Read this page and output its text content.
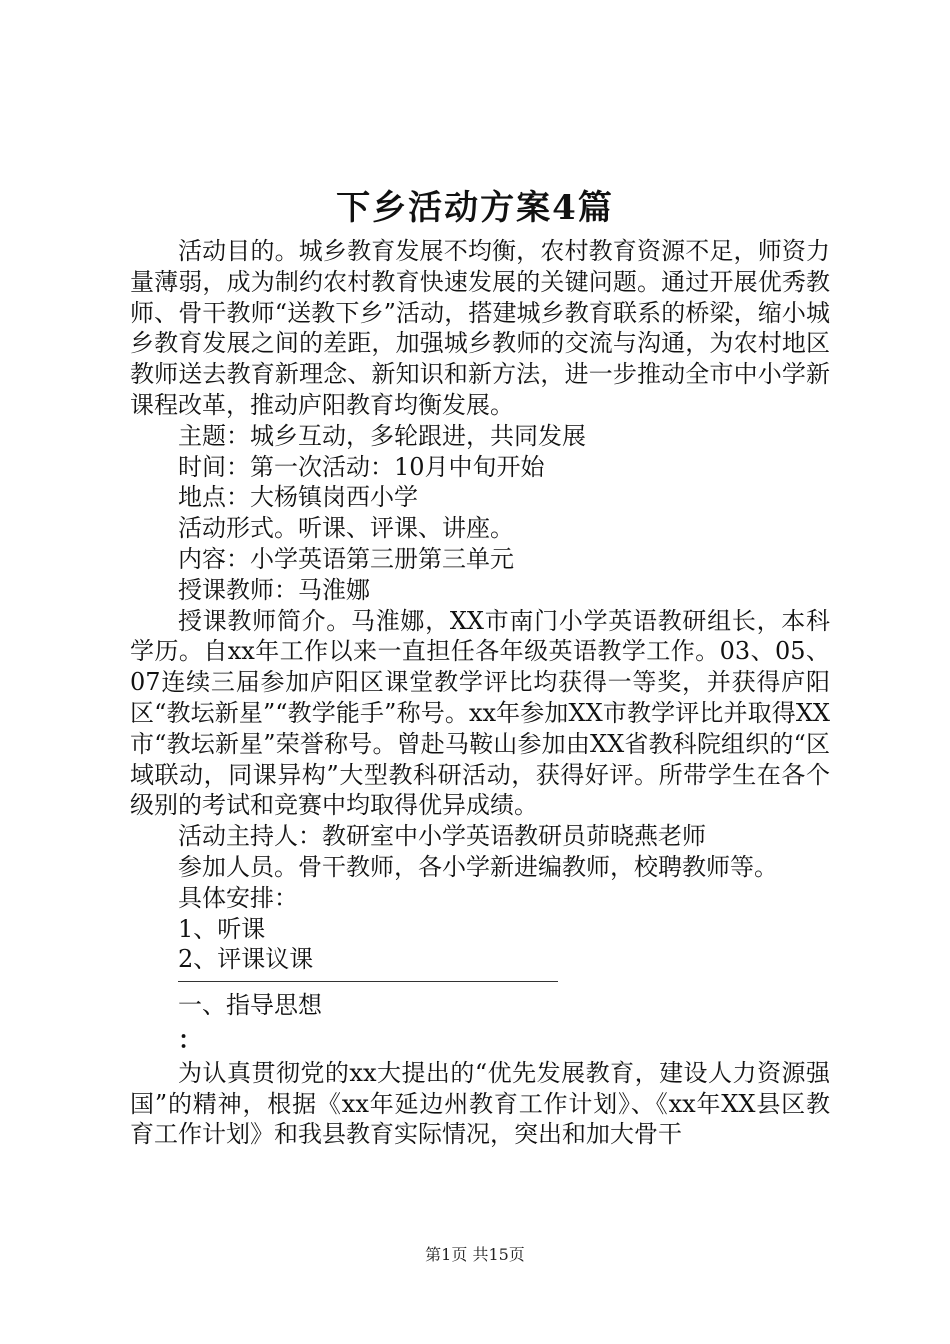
下乡活动方案4篇

活动目的。城乡教育发展不均衡，农村教育资源不足，师资力量薄弱，成为制约农村教育快速发展的关键问题。通过开展优秀教师、骨干教师“送教下乡”活动，搭建城乡教育联系的桥梁，缩小城乡教育发展之间的差距，加强城乡教师的交流与沟通，为农村地区教师送去教育新理念、新知识和新方法，进一步推动全市中小学新课程改革，推动庐阳教育均衡发展。

主题：城乡互动，多轮跟进，共同发展

时间：第一次活动：10月中旬开始

地点：大杨镇岗西小学

活动形式。听课、评课、讲座。

内容：小学英语第三册第三单元

授课教师：马淮娜

授课教师简介。马淮娜，XX市南门小学英语教研组长，本科学历。自xx年工作以来一直担任各年级英语教学工作。03、05、07连续三届参加庐阳区课堂教学评比均获得一等奖，并获得庐阳区“教坛新星”“教学能手”称号。xx年参加XX市教学评比并取得XX市“教坛新星”荣誉称号。曾赴马鞍山参加由XX省教科院组织的“区域联动，同课异构”大型教科研活动，获得好评。所带学生在各个级别的考试和竞赛中均取得优异成绩。

活动主持人：教研室中小学英语教研员茆晓燕老师

参加人员。骨干教师，各小学新进编教师，校聘教师等。

具体安排：

1、听课

2、评课议课

一、指导思想

：

为认真贯彻党的xx大提出的“优先发展教育，建设人力资源强国”的精神，根据《xx年延边州教育工作计划》、《xx年XX县区教育工作计划》和我县教育实际情况，突出和加大骨干

第1页 共15页
